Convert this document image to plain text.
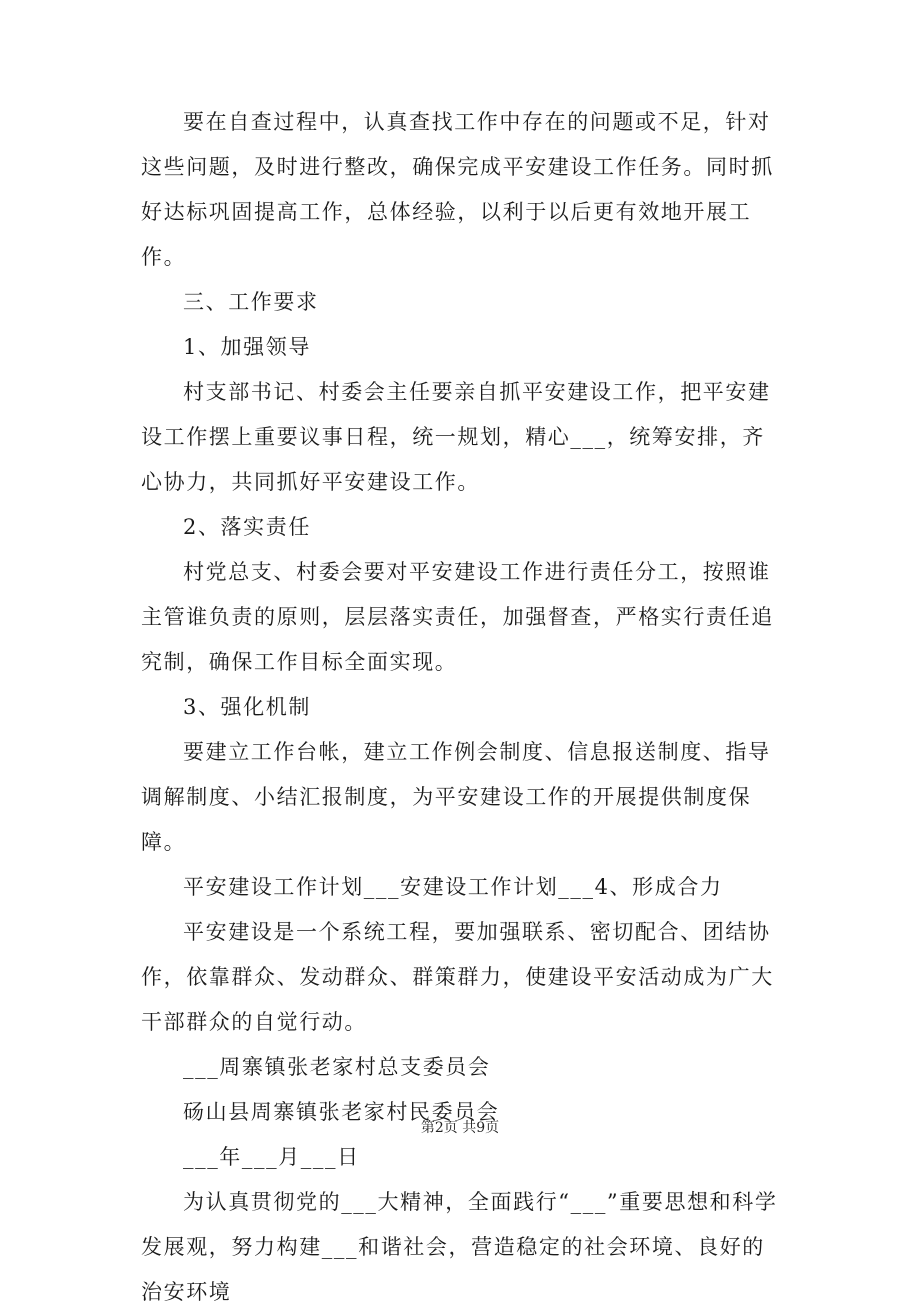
要在自查过程中，认真查找工作中存在的问题或不足，针对这些问题，及时进行整改，确保完成平安建设工作任务。同时抓好达标巩固提高工作，总体经验，以利于以后更有效地开展工作。

三、工作要求

1、加强领导

村支部书记、村委会主任要亲自抓平安建设工作，把平安建设工作摆上重要议事日程，统一规划，精心___，统筹安排，齐心协力，共同抓好平安建设工作。

2、落实责任

村党总支、村委会要对平安建设工作进行责任分工，按照谁主管谁负责的原则，层层落实责任，加强督查，严格实行责任追究制，确保工作目标全面实现。

3、强化机制

要建立工作台帐，建立工作例会制度、信息报送制度、指导调解制度、小结汇报制度，为平安建设工作的开展提供制度保障。

平安建设工作计划___安建设工作计划___4、形成合力

平安建设是一个系统工程，要加强联系、密切配合、团结协作，依靠群众、发动群众、群策群力，使建设平安活动成为广大干部群众的自觉行动。

___周寨镇张老家村总支委员会

砀山县周寨镇张老家村民委员会

___年___月___日

为认真贯彻党的___大精神，全面践行“___”重要思想和科学发展观，努力构建___和谐社会，营造稳定的社会环境、良好的治安环境

第2页 共9页
